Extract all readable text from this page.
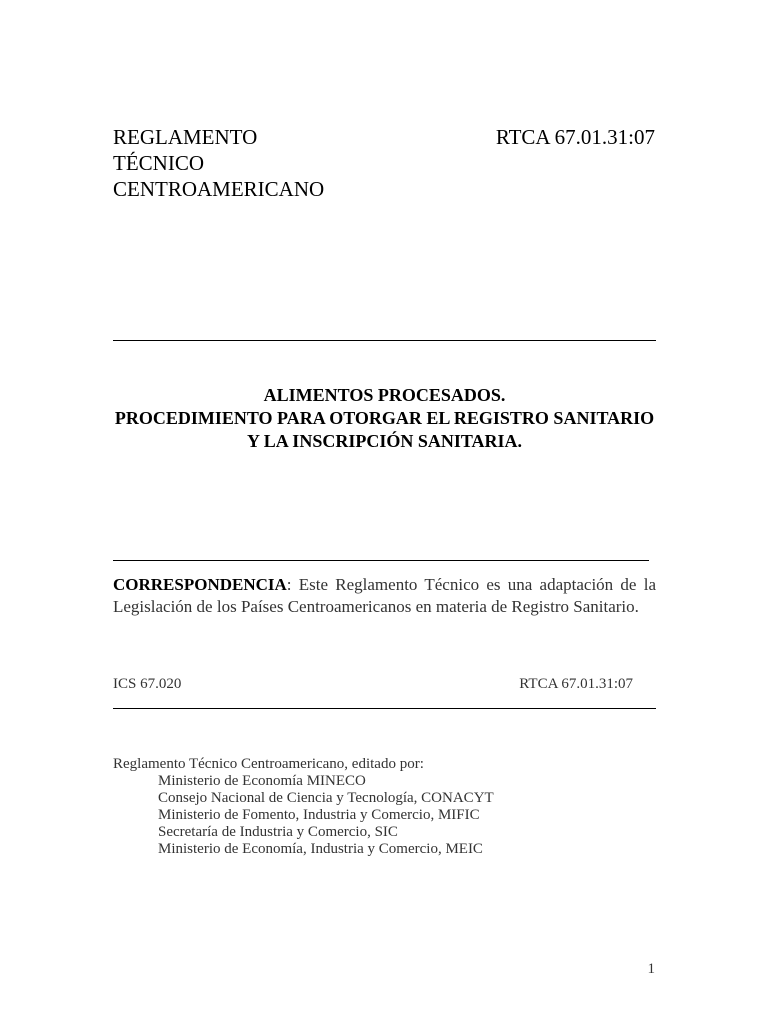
REGLAMENTO
TÉCNICO
CENTROAMERICANO
RTCA 67.01.31:07
ALIMENTOS PROCESADOS.
PROCEDIMIENTO PARA OTORGAR EL REGISTRO SANITARIO
Y LA INSCRIPCIÓN SANITARIA.
CORRESPONDENCIA: Este Reglamento Técnico es una adaptación de la Legislación de los Países Centroamericanos en materia de Registro Sanitario.
ICS 67.020	RTCA 67.01.31:07
Reglamento Técnico Centroamericano, editado por:
Ministerio de Economía MINECO
Consejo Nacional de Ciencia y Tecnología, CONACYT
Ministerio de Fomento, Industria y Comercio, MIFIC
Secretaría de Industria y Comercio, SIC
Ministerio de Economía, Industria y Comercio, MEIC
1
